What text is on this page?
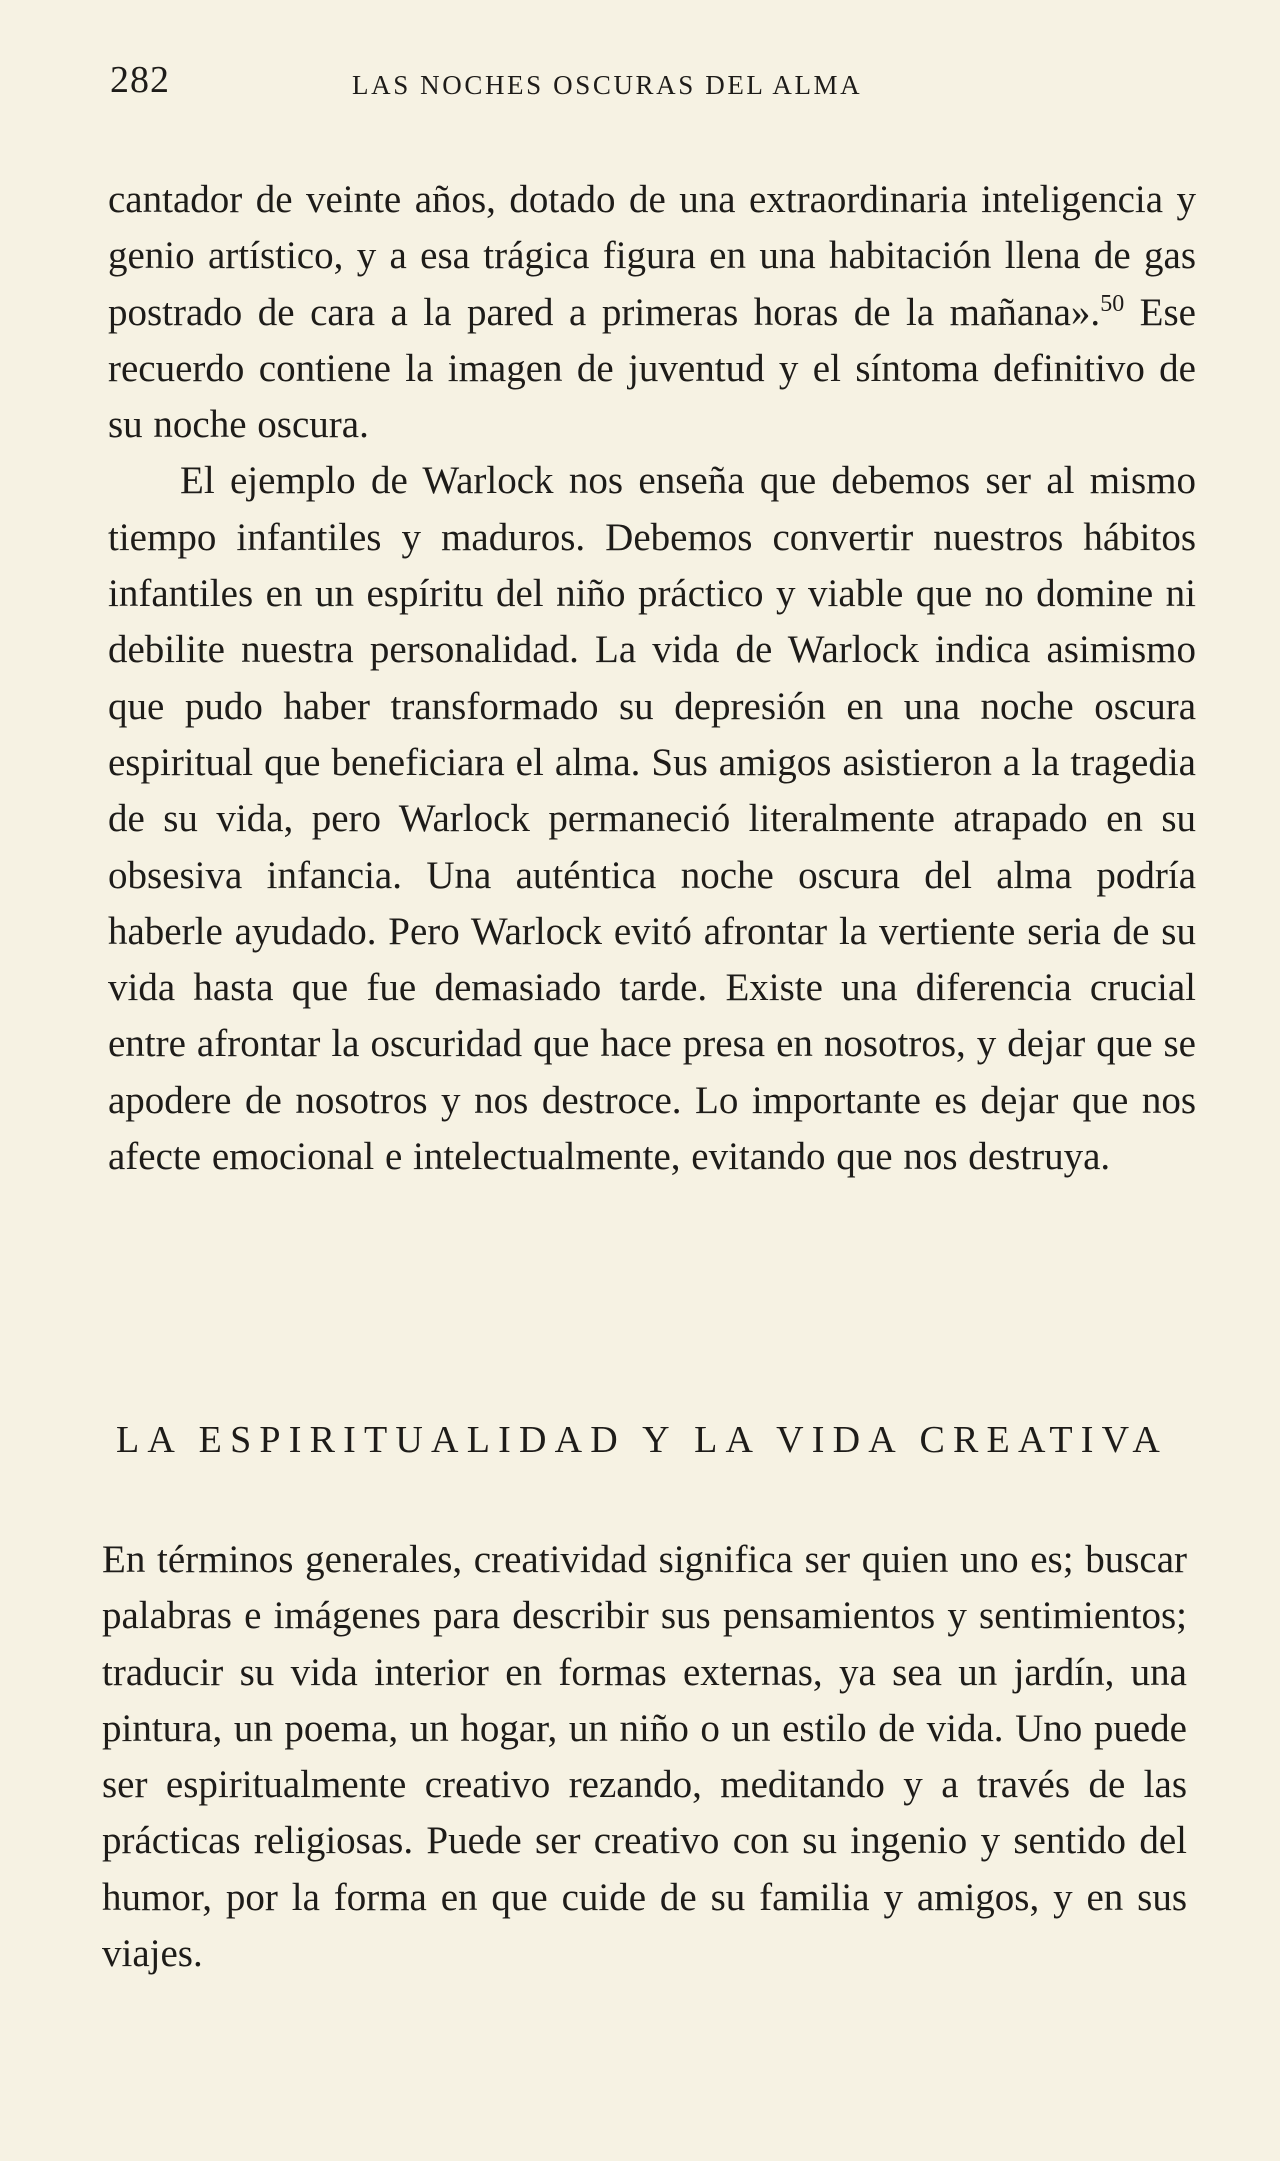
282	LAS NOCHES OSCURAS DEL ALMA

cantador de veinte años, dotado de una extraordinaria inteligencia y genio artístico, y a esa trágica figura en una habitación llena de gas postrado de cara a la pared a primeras horas de la mañana».$^{50}$ Ese recuerdo contiene la imagen de juventud y el síntoma definitivo de su noche oscura.

El ejemplo de Warlock nos enseña que debemos ser al mismo tiempo infantiles y maduros. Debemos convertir nuestros hábitos infantiles en un espíritu del niño práctico y viable que no domine ni debilite nuestra personalidad. La vida de Warlock indica asimismo que pudo haber transformado su depresión en una noche oscura espiritual que beneficiara el alma. Sus amigos asistieron a la tragedia de su vida, pero Warlock permaneció literalmente atrapado en su obsesiva infancia. Una auténtica noche oscura del alma podría haberle ayudado. Pero Warlock evitó afrontar la vertiente seria de su vida hasta que fue demasiado tarde. Existe una diferencia crucial entre afrontar la oscuridad que hace presa en nosotros, y dejar que se apodere de nosotros y nos destroce. Lo importante es dejar que nos afecte emocional e intelectualmente, evitando que nos destruya.

LA ESPIRITUALIDAD Y LA VIDA CREATIVA

En términos generales, creatividad significa ser quien uno es; buscar palabras e imágenes para describir sus pensamientos y sentimientos; traducir su vida interior en formas externas, ya sea un jardín, una pintura, un poema, un hogar, un niño o un estilo de vida. Uno puede ser espiritualmente creativo rezando, meditando y a través de las prácticas religiosas. Puede ser creativo con su ingenio y sentido del humor, por la forma en que cuide de su familia y amigos, y en sus viajes.
